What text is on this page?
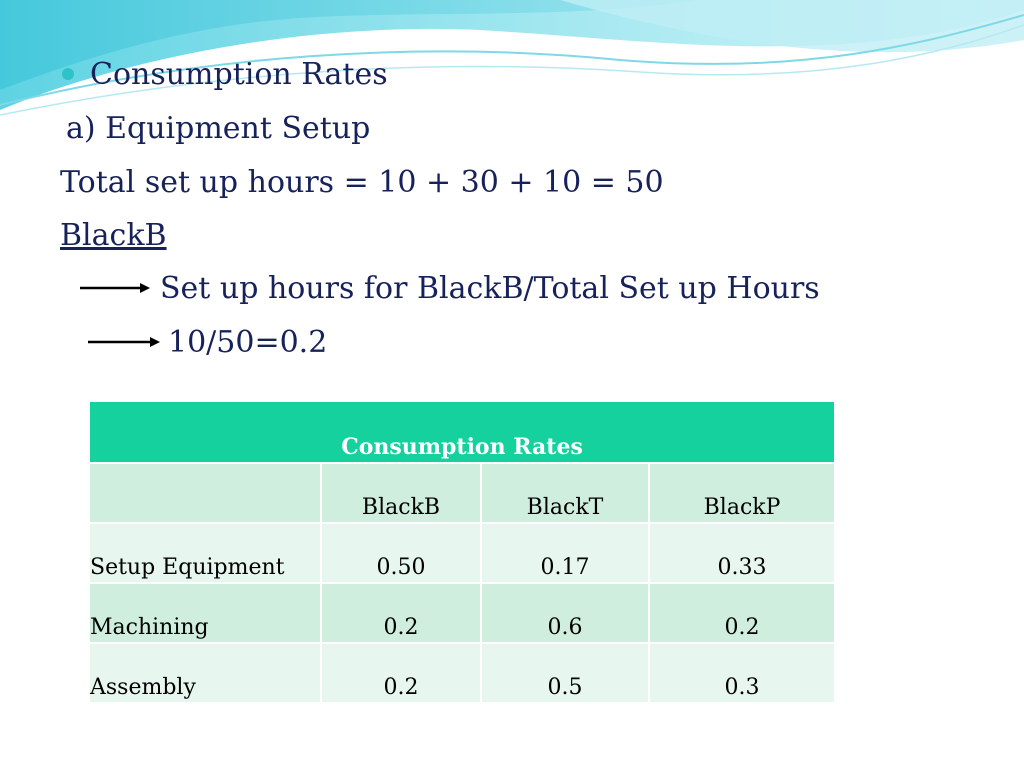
Consumption Rates
a) Equipment Setup
Total set up hours = 10 + 30 + 10 = 50
BlackB
Set up hours for BlackB/Total Set up Hours
10/50=0.2
Consumption Rates			
	BlackB	BlackT	BlackP
Setup Equipment	0.50	0.17	0.33
Machining	0.2	0.6	0.2
Assembly	0.2	0.5	0.3
